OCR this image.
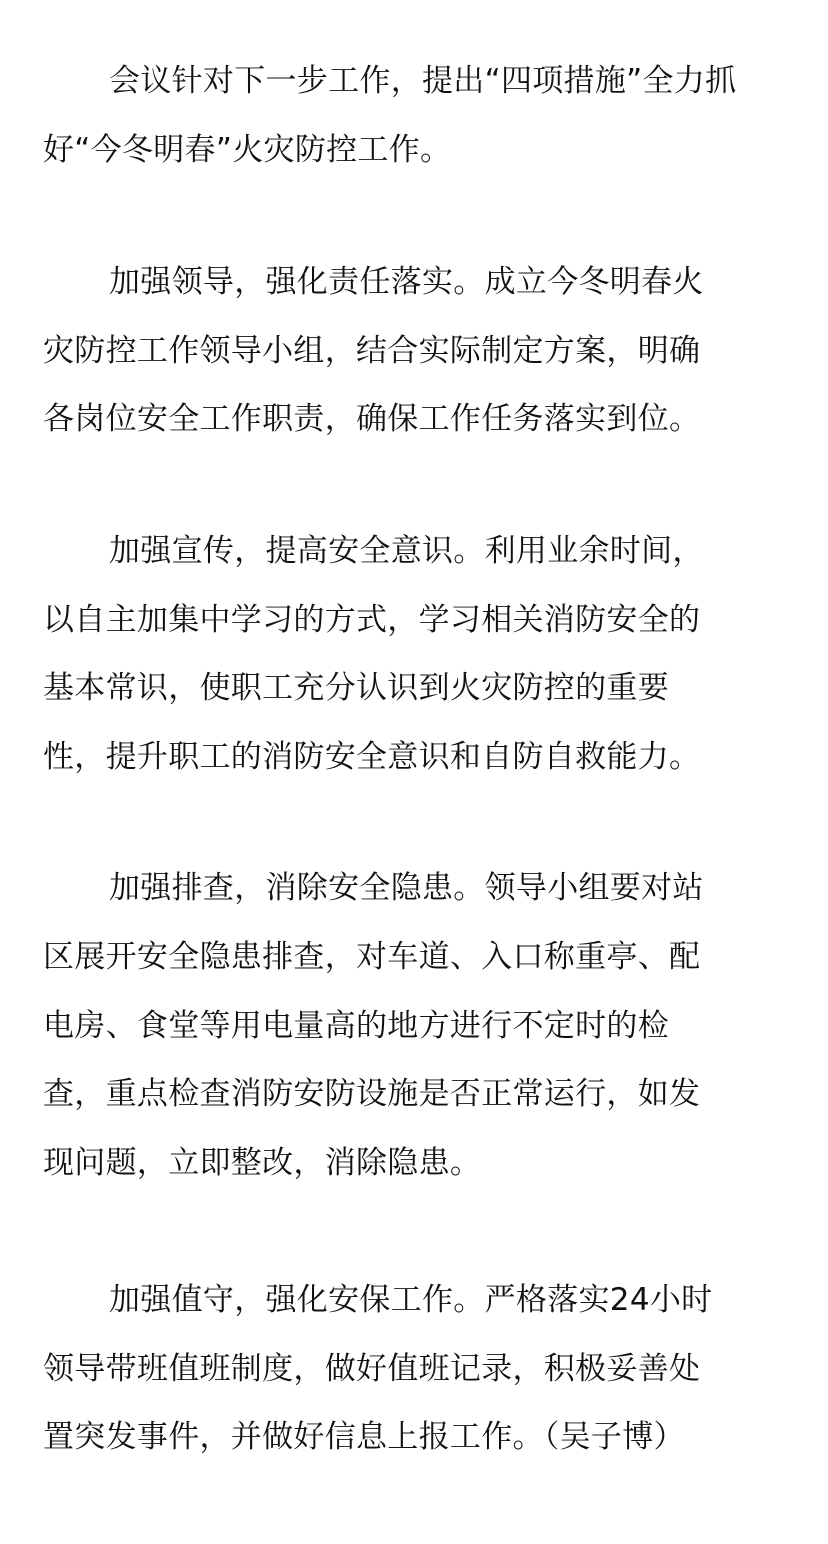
会议针对下一步工作，提出“四项措施”全力抓
好“今冬明春”火灾防控工作。
加强领导，强化责任落实。成立今冬明春火
灾防控工作领导小组，结合实际制定方案，明确
各岗位安全工作职责，确保工作任务落实到位。
加强宣传，提高安全意识。利用业余时间，
以自主加集中学习的方式，学习相关消防安全的
基本常识，使职工充分认识到火灾防控的重要
性，提升职工的消防安全意识和自防自救能力。
加强排查，消除安全隐患。领导小组要对站
区展开安全隐患排查，对车道、入口称重亭、配
电房、食堂等用电量高的地方进行不定时的检
查，重点检查消防安防设施是否正常运行，如发
现问题，立即整改，消除隐患。
加强值守，强化安保工作。严格落实24小时
领导带班值班制度，做好值班记录，积极妥善处
置突发事件，并做好信息上报工作。（吴子博）
